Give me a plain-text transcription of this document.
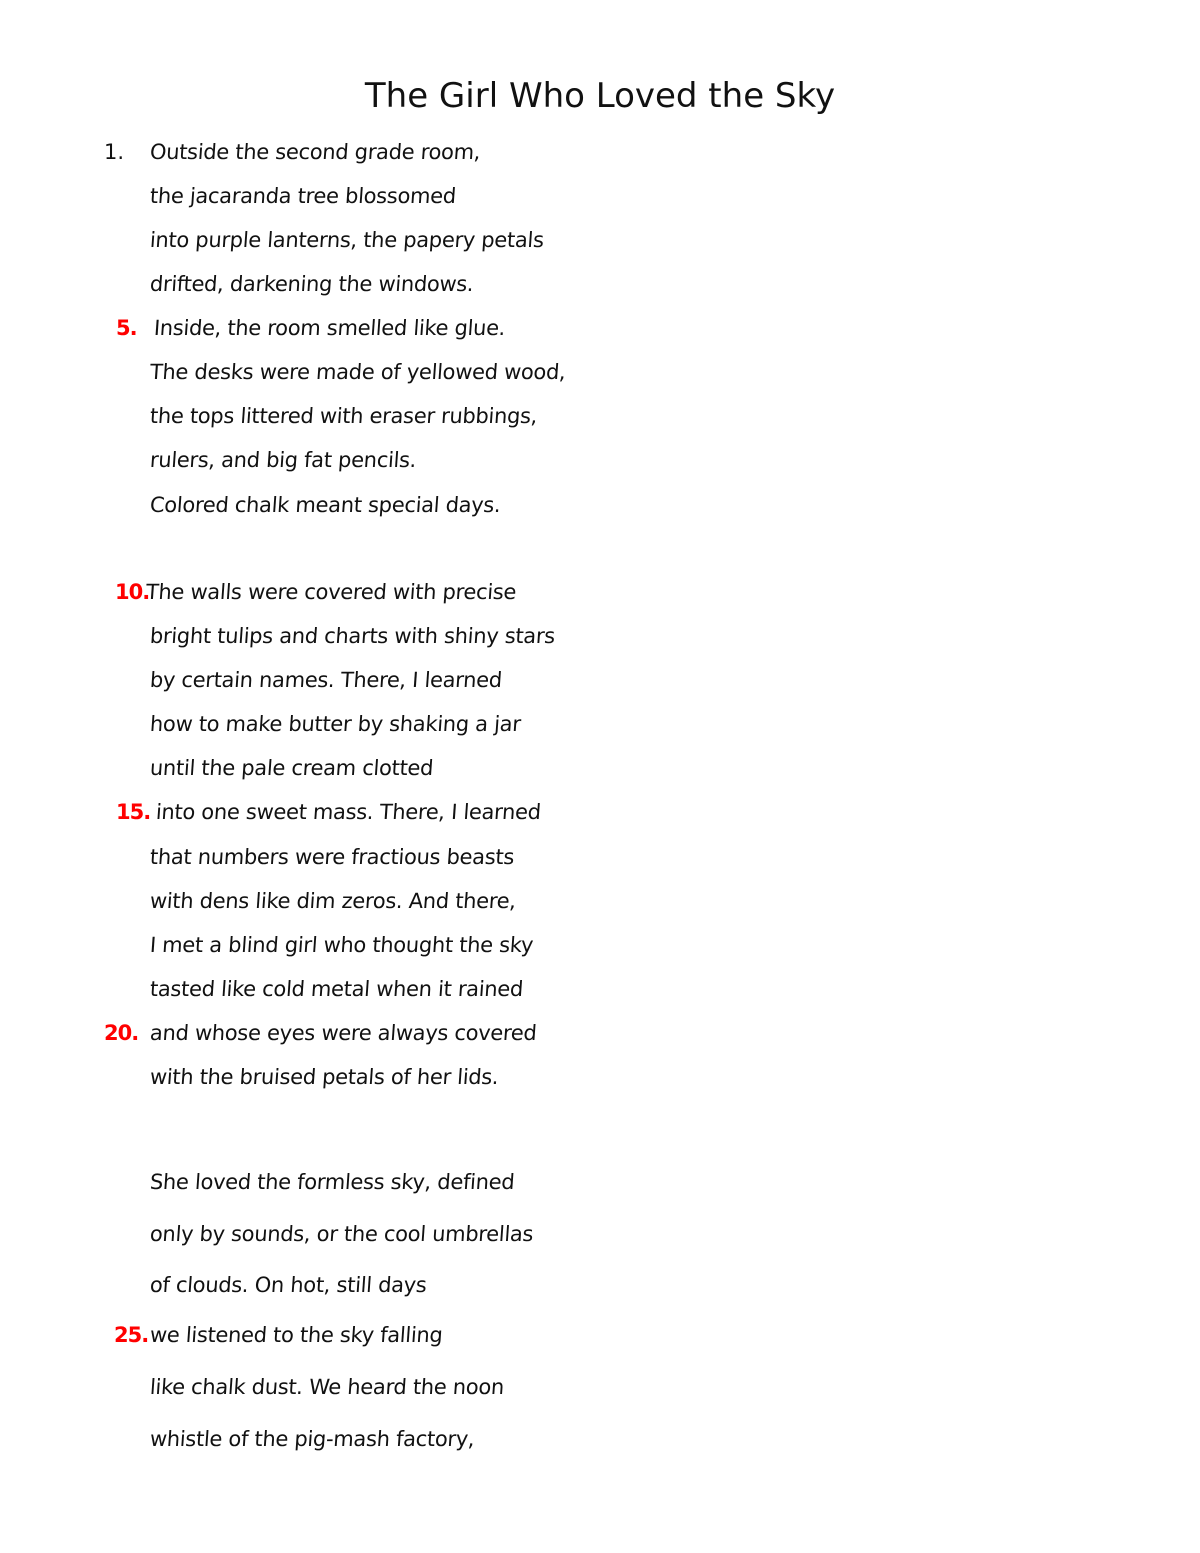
The Girl Who Loved the Sky
1.
5.
10.
15.
20.
25.
Outside the second grade room,
the jacaranda tree blossomed
into purple lanterns, the papery petals
drifted, darkening the windows.
Inside, the room smelled like glue.
The desks were made of yellowed wood,
the tops littered with eraser rubbings,
rulers, and big fat pencils.
Colored chalk meant special days.
The walls were covered with precise
bright tulips and charts with shiny stars
by certain names. There, I learned
how to make butter by shaking a jar
until the pale cream clotted
into one sweet mass. There, I learned
that numbers were fractious beasts
with dens like dim zeros. And there,
I met a blind girl who thought the sky
tasted like cold metal when it rained
and whose eyes were always covered
with the bruised petals of her lids.
She loved the formless sky, defined
only by sounds, or the cool umbrellas
of clouds. On hot, still days
we listened to the sky falling
like chalk dust. We heard the noon
whistle of the pig-mash factory,
